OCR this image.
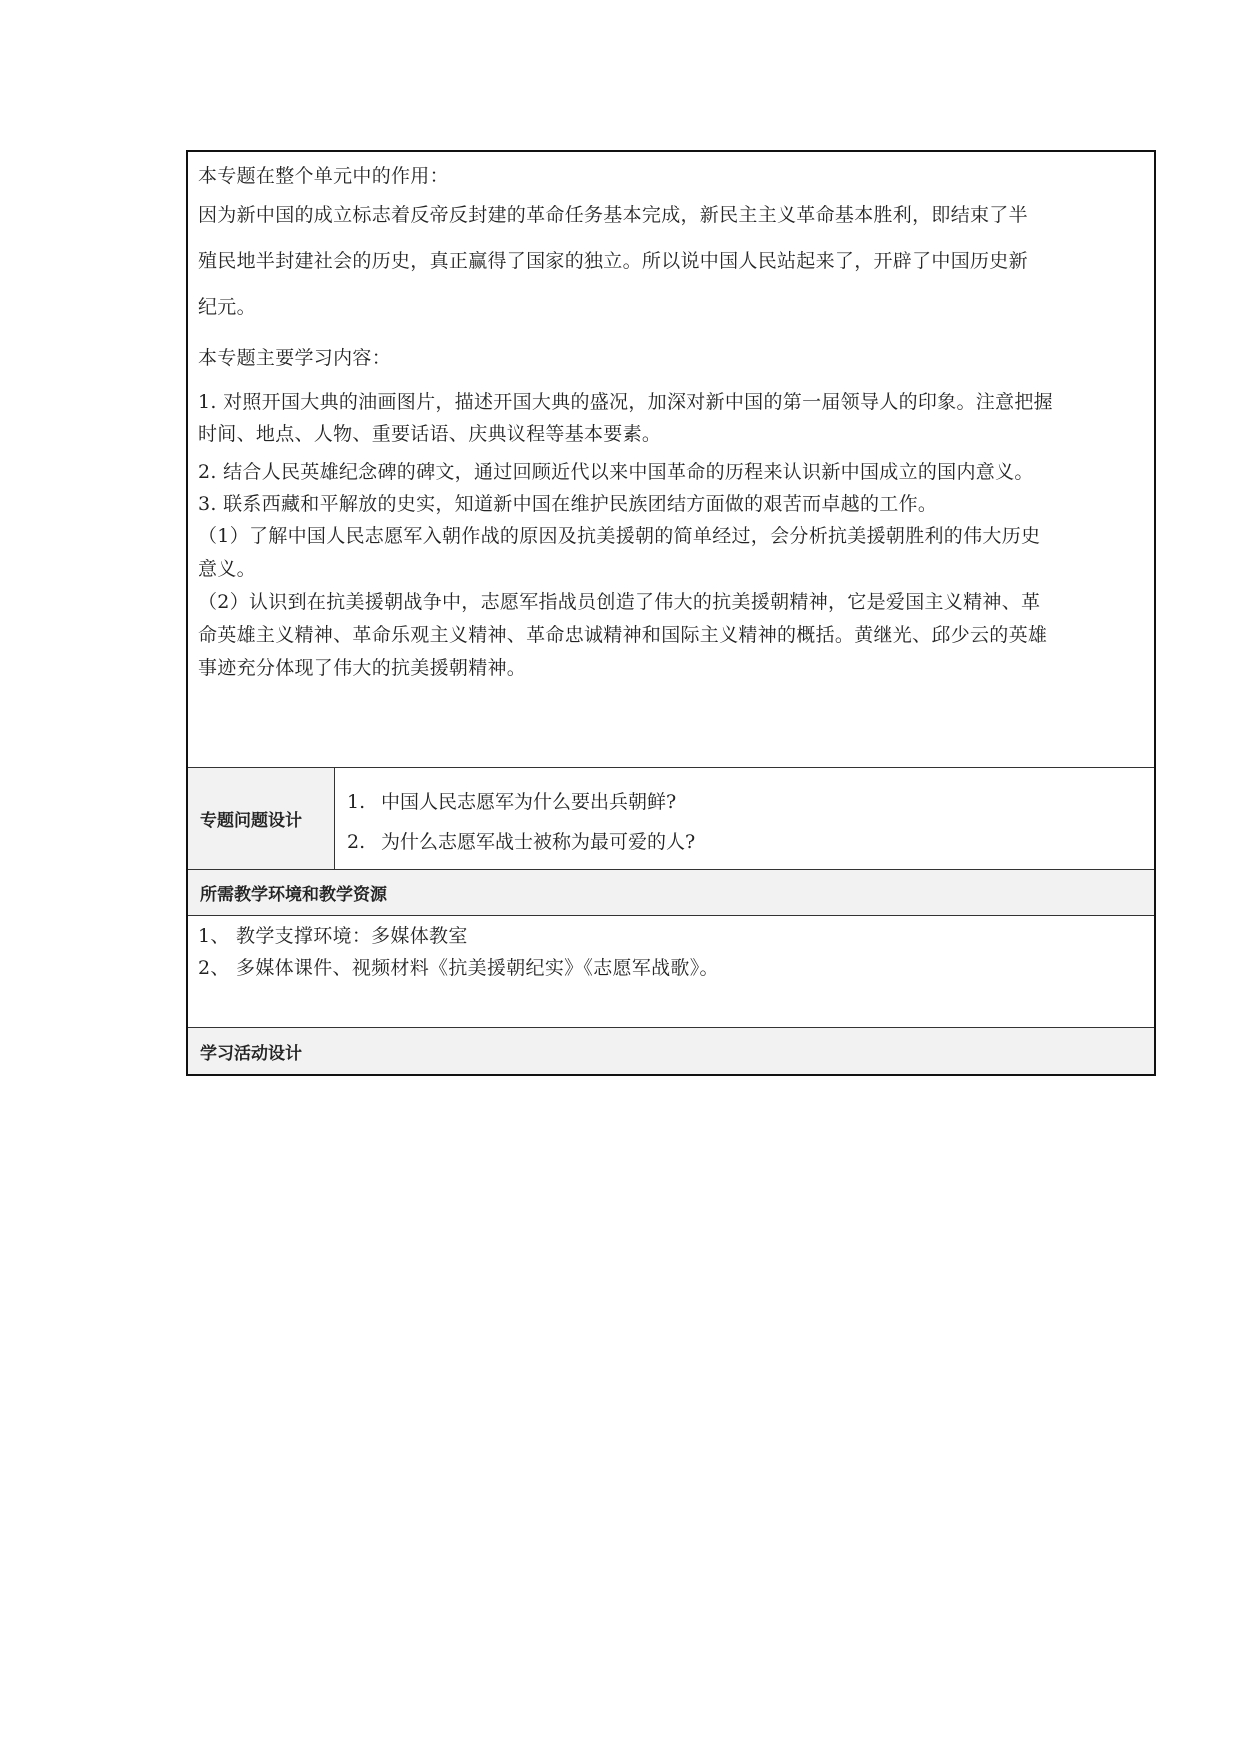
本专题在整个单元中的作用：

因为新中国的成立标志着反帝反封建的革命任务基本完成，新民主主义革命基本胜利，即结束了半

殖民地半封建社会的历史，真正赢得了国家的独立。所以说中国人民站起来了，开辟了中国历史新

纪元。

本专题主要学习内容：

1. 对照开国大典的油画图片，描述开国大典的盛况，加深对新中国的第一届领导人的印象。注意把握

时间、地点、人物、重要话语、庆典议程等基本要素。

2. 结合人民英雄纪念碑的碑文，通过回顾近代以来中国革命的历程来认识新中国成立的国内意义。

3. 联系西藏和平解放的史实，知道新中国在维护民族团结方面做的艰苦而卓越的工作。

（1）了解中国人民志愿军入朝作战的原因及抗美援朝的简单经过，会分析抗美援朝胜利的伟大历史

意义。

（2）认识到在抗美援朝战争中，志愿军指战员创造了伟大的抗美援朝精神，它是爱国主义精神、革

命英雄主义精神、革命乐观主义精神、革命忠诚精神和国际主义精神的概括。黄继光、邱少云的英雄

事迹充分体现了伟大的抗美援朝精神。

专题问题设计
1. 中国人民志愿军为什么要出兵朝鲜?
2. 为什么志愿军战士被称为最可爱的人?
所需教学环境和教学资源

1、 教学支撑环境：多媒体教室

2、 多媒体课件、视频材料《抗美援朝纪实》《志愿军战歌》。

学习活动设计
